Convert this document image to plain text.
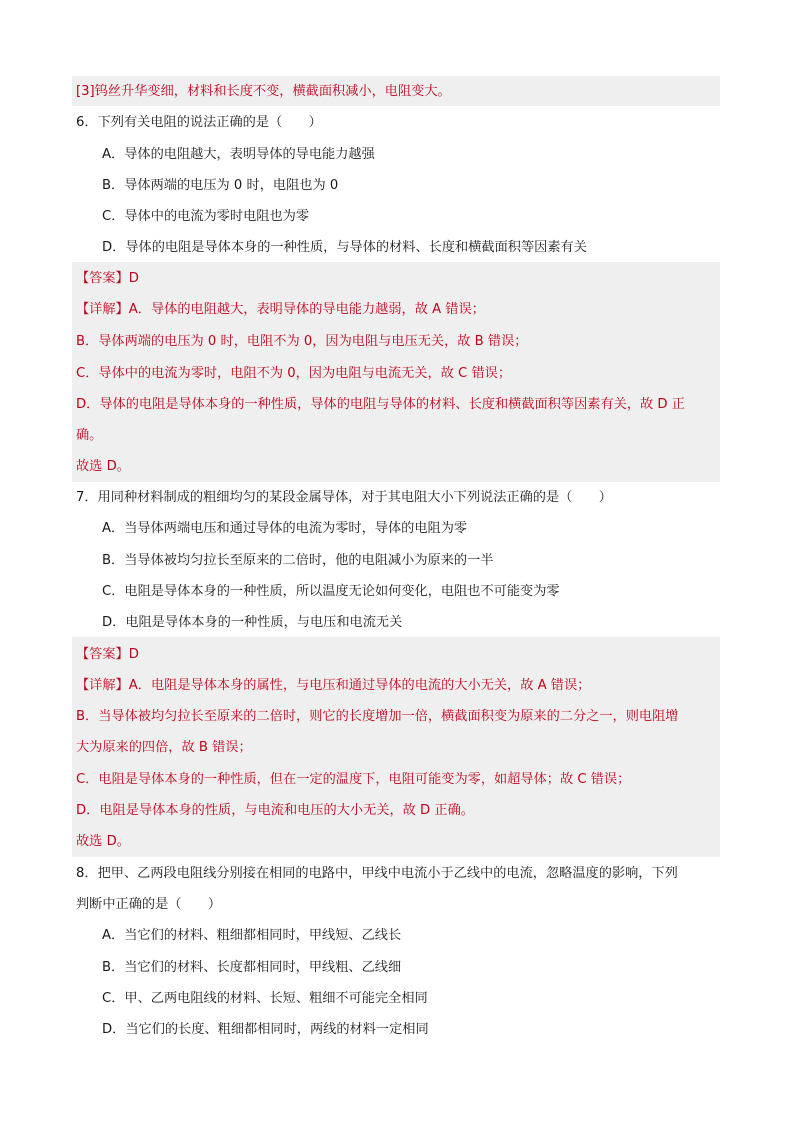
[3]钨丝升华变细，材料和长度不变，横截面积减小，电阻变大。
6．下列有关电阻的说法正确的是（　　）
A．导体的电阻越大，表明导体的导电能力越强
B．导体两端的电压为 0 时，电阻也为 0
C．导体中的电流为零时电阻也为零
D．导体的电阻是导体本身的一种性质，与导体的材料、长度和横截面积等因素有关
【答案】D
【详解】A．导体的电阻越大，表明导体的导电能力越弱，故 A 错误；
B．导体两端的电压为 0 时，电阻不为 0，因为电阻与电压无关，故 B 错误；
C．导体中的电流为零时，电阻不为 0，因为电阻与电流无关，故 C 错误；
D．导体的电阻是导体本身的一种性质，导体的电阻与导体的材料、长度和横截面积等因素有关，故 D 正
确。
故选 D。
7．用同种材料制成的粗细均匀的某段金属导体，对于其电阻大小下列说法正确的是（　　）
A．当导体两端电压和通过导体的电流为零时，导体的电阻为零
B．当导体被均匀拉长至原来的二倍时，他的电阻减小为原来的一半
C．电阻是导体本身的一种性质，所以温度无论如何变化，电阻也不可能变为零
D．电阻是导体本身的一种性质，与电压和电流无关
【答案】D
【详解】A．电阻是导体本身的属性，与电压和通过导体的电流的大小无关，故 A 错误；
B．当导体被均匀拉长至原来的二倍时，则它的长度增加一倍，横截面积变为原来的二分之一，则电阻增
大为原来的四倍，故 B 错误；
C．电阻是导体本身的一种性质，但在一定的温度下，电阻可能变为零，如超导体；故 C 错误；
D．电阻是导体本身的性质，与电流和电压的大小无关，故 D 正确。
故选 D。
8．把甲、乙两段电阻线分别接在相同的电路中，甲线中电流小于乙线中的电流，忽略温度的影响，下列
判断中正确的是（　　）
A．当它们的材料、粗细都相同时，甲线短、乙线长
B．当它们的材料、长度都相同时，甲线粗、乙线细
C．甲、乙两电阻线的材料、长短、粗细不可能完全相同
D．当它们的长度、粗细都相同时，两线的材料一定相同
